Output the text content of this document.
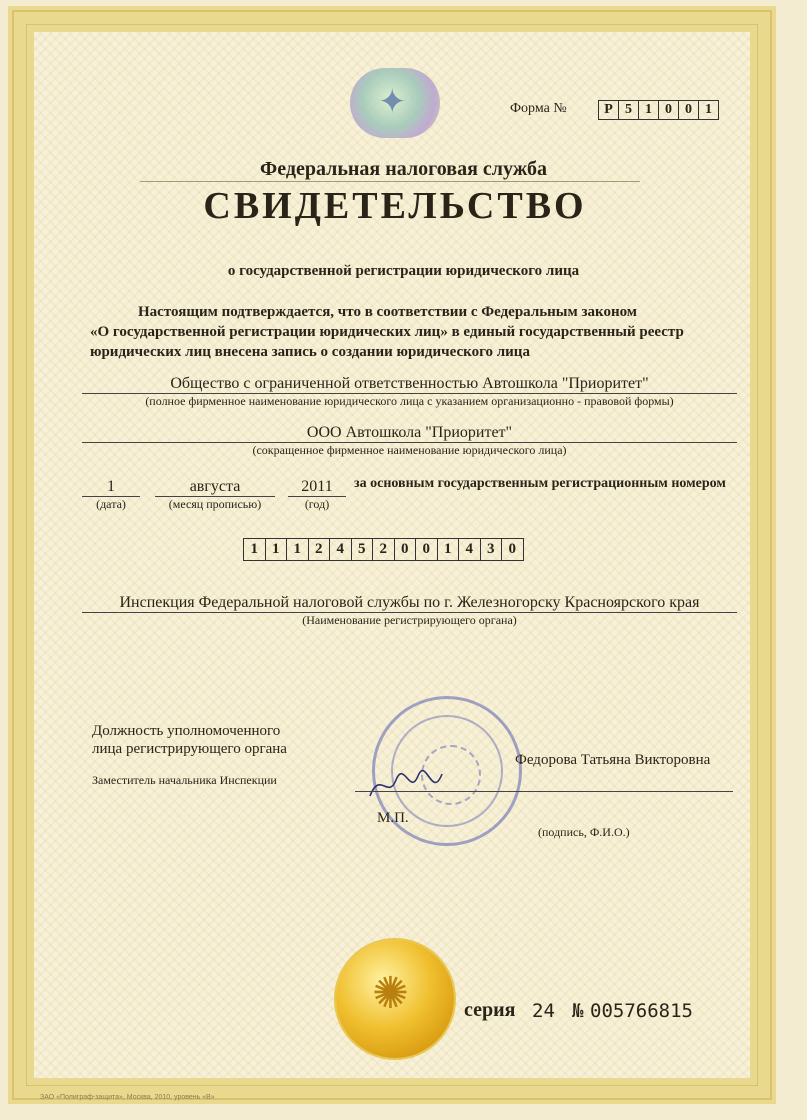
✦	Форма №	Р 5 1 0 0 1
Федеральная налоговая служба
СВИДЕТЕЛЬСТВО
о государственной регистрации юридического лица
Настоящим подтверждается, что в соответствии с Федеральным законом
«О государственной регистрации юридических лиц» в единый государственный реестр
юридических лиц внесена запись о создании юридического лица
Общество с ограниченной ответственностью Автошкола "Приоритет"
(полное фирменное наименование юридического лица с указанием организационно - правовой формы)
ООО Автошкола "Приоритет"
(сокращенное фирменное наименование юридического лица)
1
(дата)
августа
(месяц прописью)
2011
(год)
за основным государственным регистрационным номером
1 1 1 2 4 5 2 0 0 1 4 3 0
Инспекция Федеральной налоговой службы по г. Железногорску Красноярского края
(Наименование регистрирующего органа)
Должность уполномоченного
лица регистрирующего органа
Заместитель начальника Инспекции
Федорова Татьяна Викторовна
М.П.
(подпись, Ф.И.О.)
✺	серия 24 № 005766815
ЗАО «Полиграф-защита», Москва, 2010, уровень «В»
